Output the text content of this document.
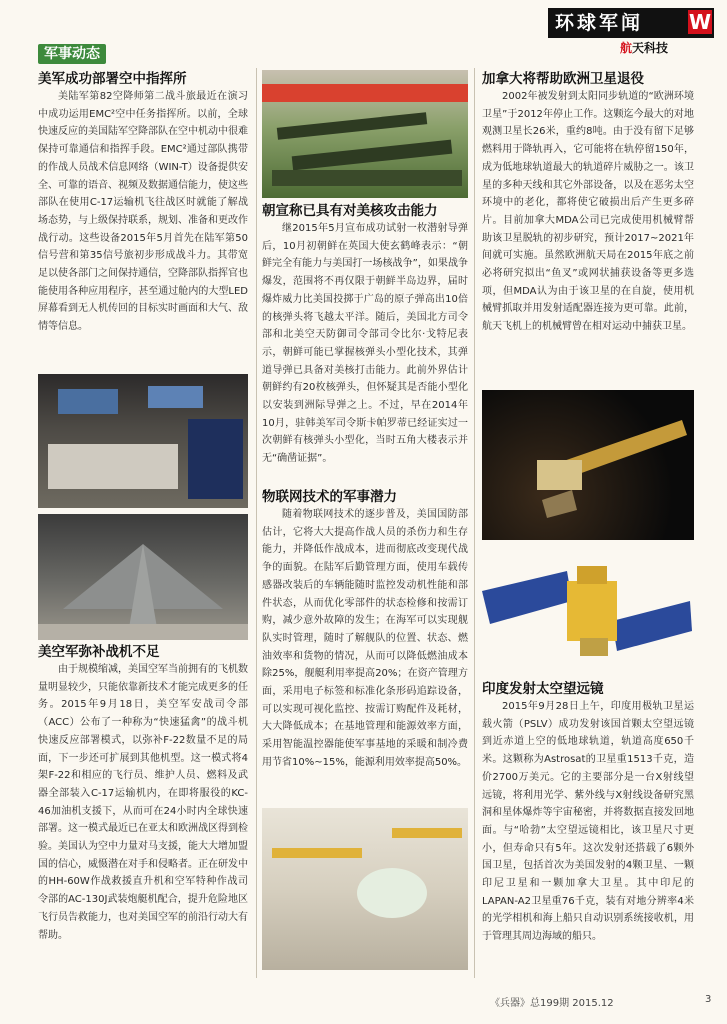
环球军闻 W
航天科技
军事动态
美军成功部署空中指挥所
美陆军第82空降师第二战斗旅最近在演习中成功运用EMC²空中任务指挥所。以前，全球快速反应的美国陆军空降部队在空中机动中很难保持可靠通信和指挥手段。EMC²通过部队携带的作战人员战术信息网络（WIN-T）设备提供安全、可靠的语音、视频及数据通信能力，使这些部队在使用C-17运输机飞往战区时就能了解战场态势，与上级保持联系，规划、准备和更改作战行动。这些设备2015年5月首先在陆军第50信号营和第35信号旅初步形成战斗力。其带宽足以使各部门之间保持通信，空降部队指挥官也能使用各种应用程序，甚至通过舱内的大型LED屏幕看到无人机传回的目标实时画面和大气、敌情等信息。
美空军弥补战机不足
由于规模缩减，美国空军当前拥有的飞机数量明显较少，只能依靠新技术才能完成更多的任务。2015年9月18日，美空军安战司令部（ACC）公布了一种称为“快速猛禽”的战斗机快速反应部署模式，以弥补F-22数量不足的局面，下一步还可扩展到其他机型。这一模式将4架F-22和相应的飞行员、维护人员、燃料及武器全部装入C-17运输机内，在即将服役的KC-46加油机支援下，从而可在24小时内全球快速部署。这一模式最近已在亚太和欧洲战区得到检验。美国认为空中力量对马支援，能大大增加盟国的信心，威慑潜在对手和侵略者。正在研发中的HH-60W作战救援直升机和空军特种作战司令部的AC-130J武装炮艇机配合，提升危险地区飞行员告救能力，也对美国空军的前沿行动大有帮助。
朝宣称已具有对美核攻击能力
继2015年5月宣布成功试射一枚潜射导弹后，10月初朝鲜在英国大使玄鹤峰表示：“朝鲜完全有能力与美国打一场核战争”，如果战争爆发，范围将不再仅限于朝鲜半岛边界，届时爆炸威力比美国投掷于广岛的原子弹高出10倍的核弹头将飞越太平洋。随后，美国北方司令部和北美空天防御司令部司令比尔·戈特尼表示，朝鲜可能已掌握核弹头小型化技术，其弹道导弹已具备对美核打击能力。此前外界估计朝鲜约有20枚核弹头，但怀疑其是否能小型化以安装到洲际导弹之上。不过，早在2014年10月，驻韩美军司令斯卡帕罗蒂已经证实过一次朝鲜有核弹头小型化，当时五角大楼表示并无“确凿证据”。
物联网技术的军事潜力
随着物联网技术的逐步普及，美国国防部估计，它将大大提高作战人员的杀伤力和生存能力，并降低作战成本，进而彻底改变现代战争的面貌。在陆军后勤管理方面，使用车载传感器改装后的车辆能随时监控发动机性能和部件状态，从而优化零部件的状态检修和按需订购，减少意外故障的发生；在海军可以实现舰队实时管理，随时了解舰队的位置、状态、燃油效率和货物的情况，从而可以降低燃油成本除25%，舰艇利用率提高20%；在资产管理方面，采用电子标签和标准化条形码追踪设备，可以实现可视化监控、按需订购配件及耗材，大大降低成本；在基地管理和能源效率方面，采用智能温控器能使军事基地的采暖和制冷费用节省10%~15%，能源利用效率提高50%。
加拿大将帮助欧洲卫星退役
2002年被发射到太阳同步轨道的“欧洲环境卫星”于2012年停止工作。这颗迄今最大的对地观测卫星长26米，重约8吨。由于没有留下足够燃料用于降轨再入，它可能将在轨停留150年，成为低地球轨道最大的轨道碎片威胁之一。该卫星的多种天线和其它外部设备，以及在恶劣太空环境中的老化，都将使它破损出后产生更多碎片。目前加拿大MDA公司已完成使用机械臂帮助该卫星脱轨的初步研究，预计2017~2021年间就可实施。虽然欧洲航天局在2015年底之前必将研究拟出“鱼叉”或网状捕获设备等更多选项，但MDA认为由于该卫星的在自旋，使用机械臂抓取并用发射适配器连接为更可靠。此前，航天飞机上的机械臂曾在相对运动中捕获卫星。
印度发射太空望远镜
2015年9月28日上午，印度用极轨卫星运载火箭（PSLV）成功发射该国首颗太空望远镜到近赤道上空的低地球轨道，轨道高度650千米。这颗称为Astrosat的卫星重1513千克，造价2700万美元。它的主要部分是一台X射线望远镜，将利用光学、紫外线与X射线设备研究黑洞和星体爆炸等宇宙秘密，并将数据直接发回地面。与“哈勃”太空望远镜相比，该卫星尺寸更小，但寿命只有5年。这次发射还搭载了6颗外国卫星，包括首次为美国发射的4颗卫星、一颗印尼卫星和一颗加拿大卫星。其中印尼的LAPAN-A2卫星重76千克，装有对地分辨率4米的光学相机和海上船只自动识别系统接收机，用于管理其周边海域的船只。
《兵器》总199期 2015.12	3
